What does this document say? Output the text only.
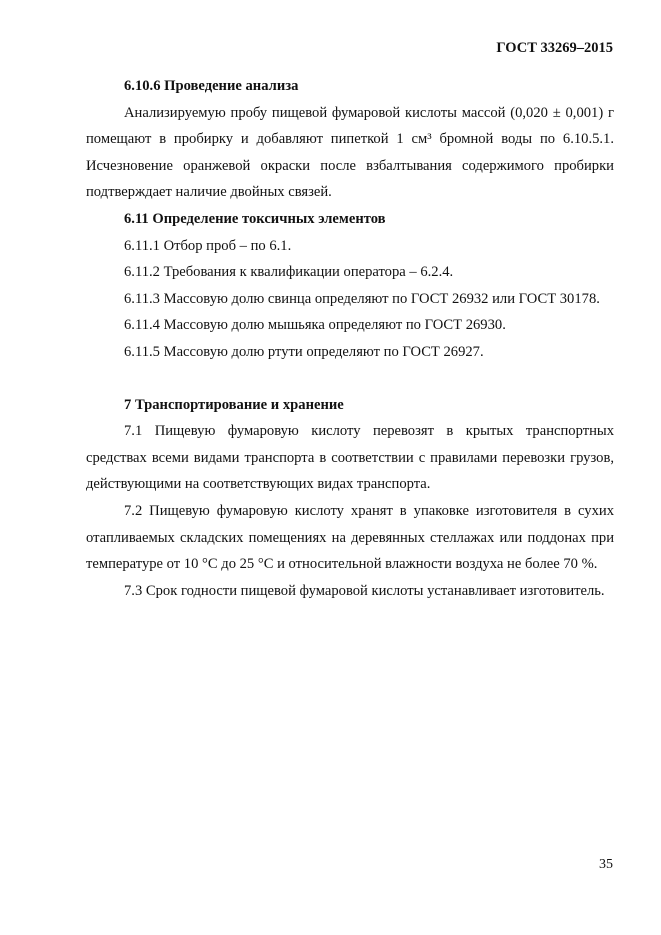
ГОСТ 33269–2015

6.10.6 Проведение анализа

Анализируемую пробу пищевой фумаровой кислоты массой (0,020 ± 0,001) г помещают в пробирку и добавляют пипеткой 1 см³ бромной воды по 6.10.5.1. Исчезновение оранжевой окраски после взбалтывания содержимого пробирки подтверждает наличие двойных связей.

6.11 Определение токсичных элементов

6.11.1 Отбор проб – по 6.1.

6.11.2 Требования к квалификации оператора – 6.2.4.

6.11.3 Массовую долю свинца определяют по ГОСТ 26932 или ГОСТ 30178.

6.11.4 Массовую долю мышьяка определяют по ГОСТ 26930.

6.11.5 Массовую долю ртути определяют по ГОСТ 26927.

7 Транспортирование и хранение

7.1 Пищевую фумаровую кислоту перевозят в крытых транспортных средствах всеми видами транспорта в соответствии с правилами перевозки грузов, действующими на соответствующих видах транспорта.

7.2 Пищевую фумаровую кислоту хранят в упаковке изготовителя в сухих отапливаемых складских помещениях на деревянных стеллажах или поддонах при температуре от 10 °С до 25 °С и относительной влажности воздуха не более 70 %.

7.3 Срок годности пищевой фумаровой кислоты устанавливает изготовитель.

35
